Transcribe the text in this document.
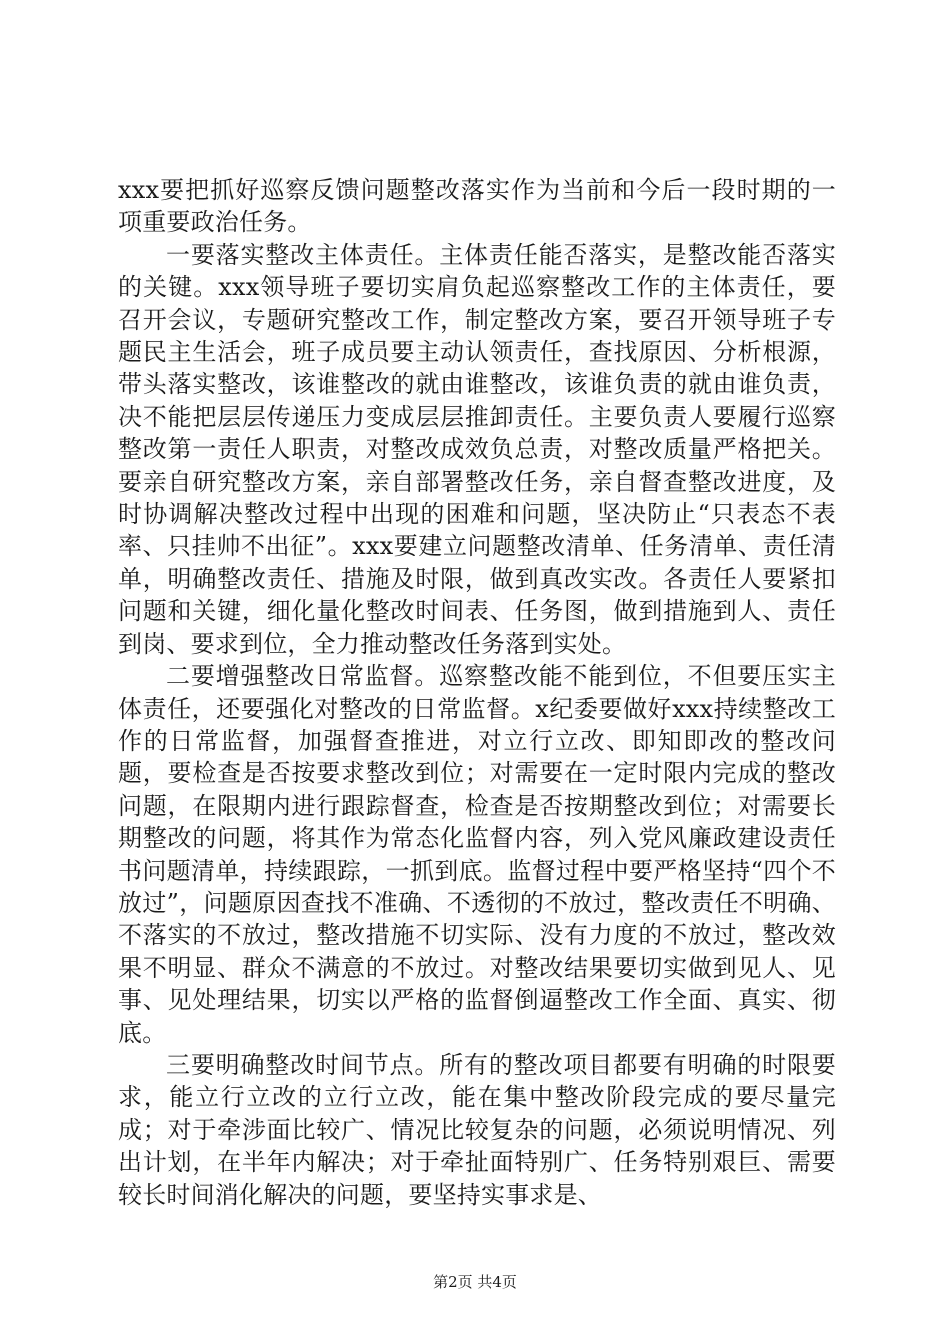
xxx要把抓好巡察反馈问题整改落实作为当前和今后一段时期的一项重要政治任务。

一要落实整改主体责任。主体责任能否落实，是整改能否落实的关键。xxx领导班子要切实肩负起巡察整改工作的主体责任，要召开会议，专题研究整改工作，制定整改方案，要召开领导班子专题民主生活会，班子成员要主动认领责任，查找原因、分析根源，带头落实整改，该谁整改的就由谁整改，该谁负责的就由谁负责，决不能把层层传递压力变成层层推卸责任。主要负责人要履行巡察整改第一责任人职责，对整改成效负总责，对整改质量严格把关。要亲自研究整改方案，亲自部署整改任务，亲自督查整改进度，及时协调解决整改过程中出现的困难和问题，坚决防止“只表态不表率、只挂帅不出征”。xxx要建立问题整改清单、任务清单、责任清单，明确整改责任、措施及时限，做到真改实改。各责任人要紧扣问题和关键，细化量化整改时间表、任务图，做到措施到人、责任到岗、要求到位，全力推动整改任务落到实处。

二要增强整改日常监督。巡察整改能不能到位，不但要压实主体责任，还要强化对整改的日常监督。x纪委要做好xxx持续整改工作的日常监督，加强督查推进，对立行立改、即知即改的整改问题，要检查是否按要求整改到位；对需要在一定时限内完成的整改问题，在限期内进行跟踪督查，检查是否按期整改到位；对需要长期整改的问题，将其作为常态化监督内容，列入党风廉政建设责任书问题清单，持续跟踪，一抓到底。监督过程中要严格坚持“四个不放过”，问题原因查找不准确、不透彻的不放过，整改责任不明确、不落实的不放过，整改措施不切实际、没有力度的不放过，整改效果不明显、群众不满意的不放过。对整改结果要切实做到见人、见事、见处理结果，切实以严格的监督倒逼整改工作全面、真实、彻底。

三要明确整改时间节点。所有的整改项目都要有明确的时限要求，能立行立改的立行立改，能在集中整改阶段完成的要尽量完成；对于牵涉面比较广、情况比较复杂的问题，必须说明情况、列出计划，在半年内解决；对于牵扯面特别广、任务特别艰巨、需要较长时间消化解决的问题，要坚持实事求是、

第2页 共4页
